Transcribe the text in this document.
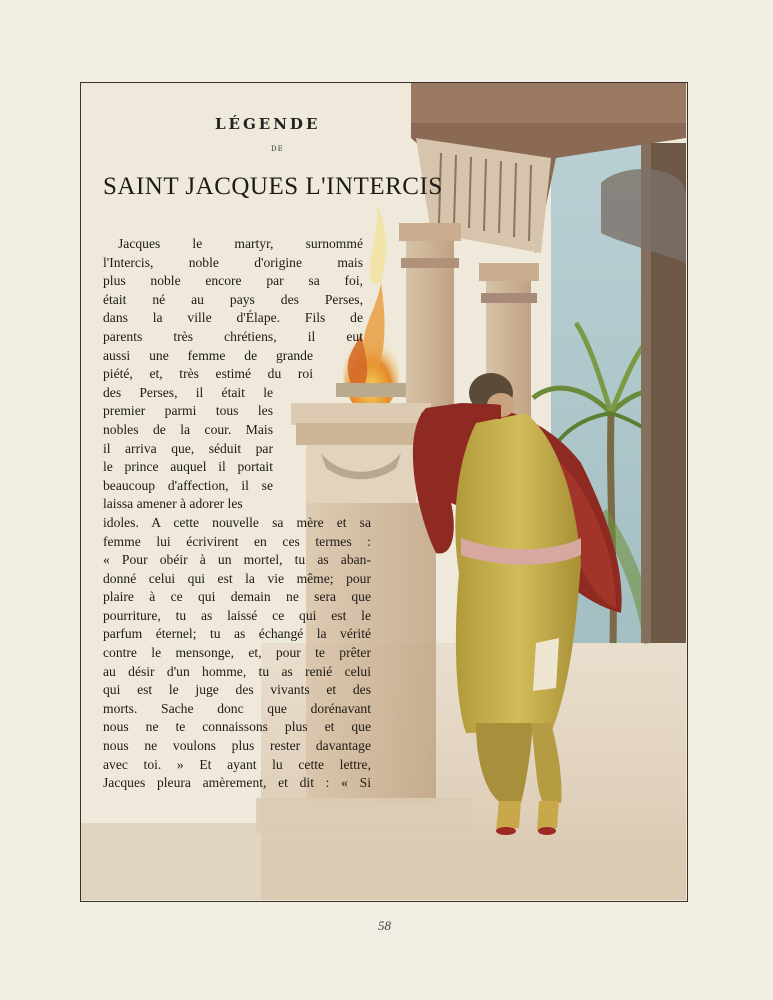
LÉGENDE
DE
SAINT JACQUES L'INTERCIS
Jacques le martyr, surnommé
l'Intercis, noble d'origine mais
plus noble encore par sa foi,
était né au pays des Perses,
dans la ville d'Élape. Fils de
parents très chrétiens, il eut
aussi une femme de grande
piété, et, très estimé du roi
des Perses, il était le
premier parmi tous les
nobles de la cour. Mais
il arriva que, séduit par
le prince auquel il portait
beaucoup d'affection, il se
laissa amener à adorer les
idoles. A cette nouvelle sa mère et sa
femme lui écrivirent en ces termes :
« Pour obéir à un mortel, tu as aban-
donné celui qui est la vie même; pour
plaire à ce qui demain ne sera que
pourriture, tu as laissé ce qui est le
parfum éternel; tu as échangé la vérité
contre le mensonge, et, pour te prêter
au désir d'un homme, tu as renié celui
qui est le juge des vivants et des
morts. Sache donc que dorénavant
nous ne te connaissons plus et que
nous ne voulons plus rester davantage
avec toi. » Et ayant lu cette lettre,
Jacques pleura amèrement, et dit : « Si
58
